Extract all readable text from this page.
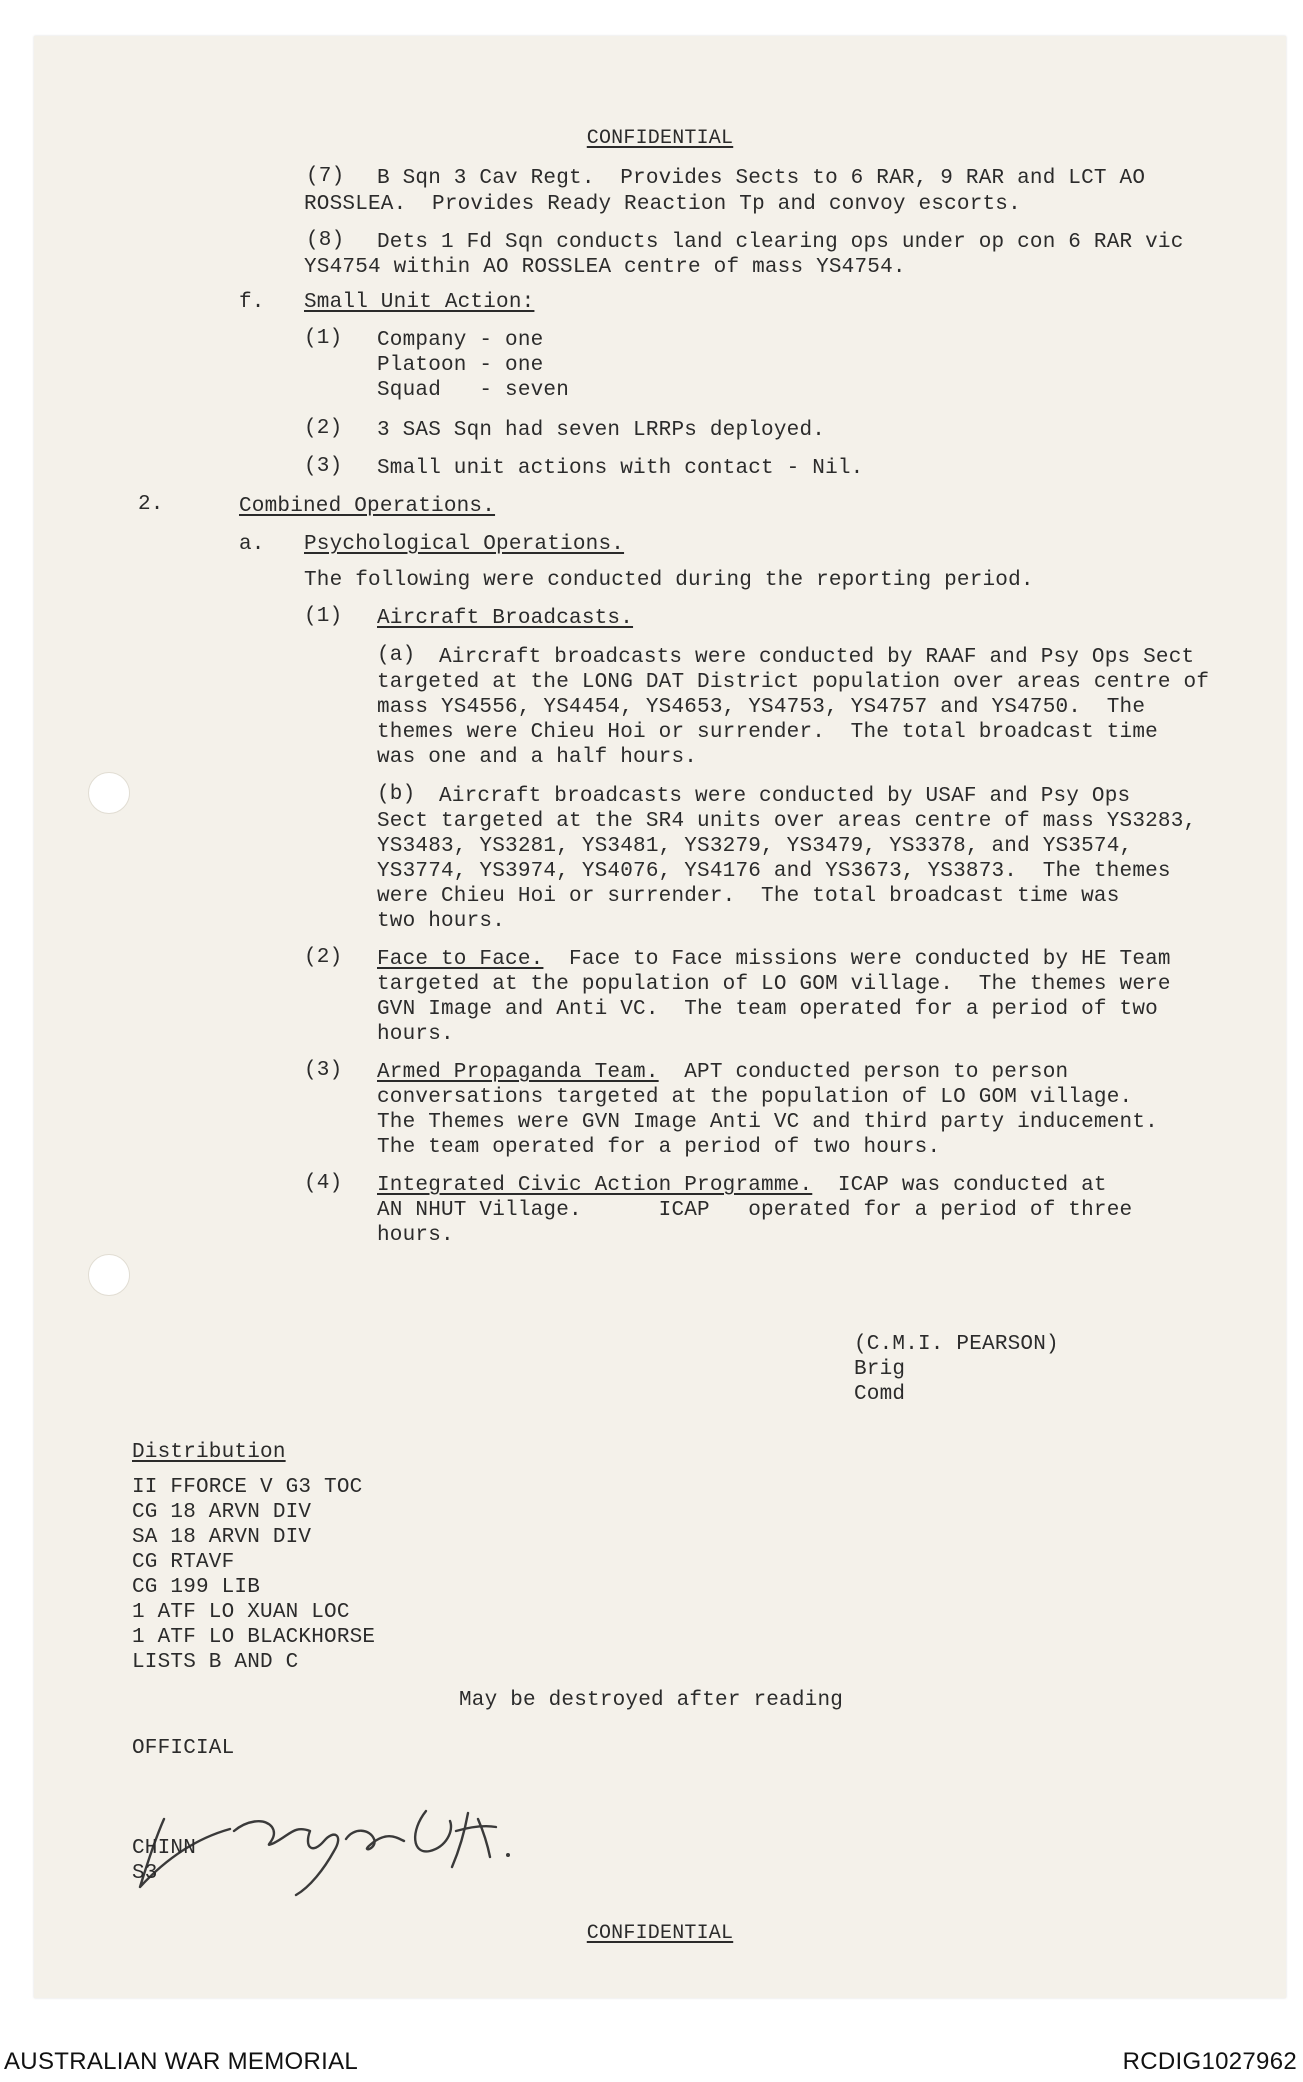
CONFIDENTIAL
(7) B Sqn 3 Cav Regt.  Provides Sects to 6 RAR, 9 RAR and LCT AO
ROSSLEA.  Provides Ready Reaction Tp and convoy escorts.
(8) Dets 1 Fd Sqn conducts land clearing ops under op con 6 RAR vic
YS4754 within AO ROSSLEA centre of mass YS4754.
f. Small Unit Action:
(1) Company - one
Platoon - one
Squad   - seven
(2) 3 SAS Sqn had seven LRRPs deployed.
(3) Small unit actions with contact - Nil.
2.	Combined Operations.
a. Psychological Operations.
The following were conducted during the reporting period.
(1) Aircraft Broadcasts.
(a) Aircraft broadcasts were conducted by RAAF and Psy Ops Sect
targeted at the LONG DAT District population over areas centre of
mass YS4556, YS4454, YS4653, YS4753, YS4757 and YS4750.  The
themes were Chieu Hoi or surrender.  The total broadcast time
was one and a half hours.
(b) Aircraft broadcasts were conducted by USAF and Psy Ops
Sect targeted at the SR4 units over areas centre of mass YS3283,
YS3483, YS3281, YS3481, YS3279, YS3479, YS3378, and YS3574,
YS3774, YS3974, YS4076, YS4176 and YS3673, YS3873.  The themes
were Chieu Hoi or surrender.  The total broadcast time was
two hours.
(2) Face to Face.  Face to Face missions were conducted by HE Team
targeted at the population of LO GOM village.  The themes were
GVN Image and Anti VC.  The team operated for a period of two
hours.
(3) Armed Propaganda Team.  APT conducted person to person
conversations targeted at the population of LO GOM village.
The Themes were GVN Image Anti VC and third party inducement.
The team operated for a period of two hours.
(4) Integrated Civic Action Programme.  ICAP was conducted at
AN NHUT Village.      ICAP   operated for a period of three
hours.
(C.M.I. PEARSON)
Brig
Comd
Distribution
II FFORCE V G3 TOC
CG 18 ARVN DIV
SA 18 ARVN DIV
CG RTAVF
CG 199 LIB
1 ATF LO XUAN LOC
1 ATF LO BLACKHORSE
LISTS B AND C
May be destroyed after reading
OFFICIAL
CHINN
S3
CONFIDENTIAL
AUSTRALIAN WAR MEMORIAL	RCDIG1027962
